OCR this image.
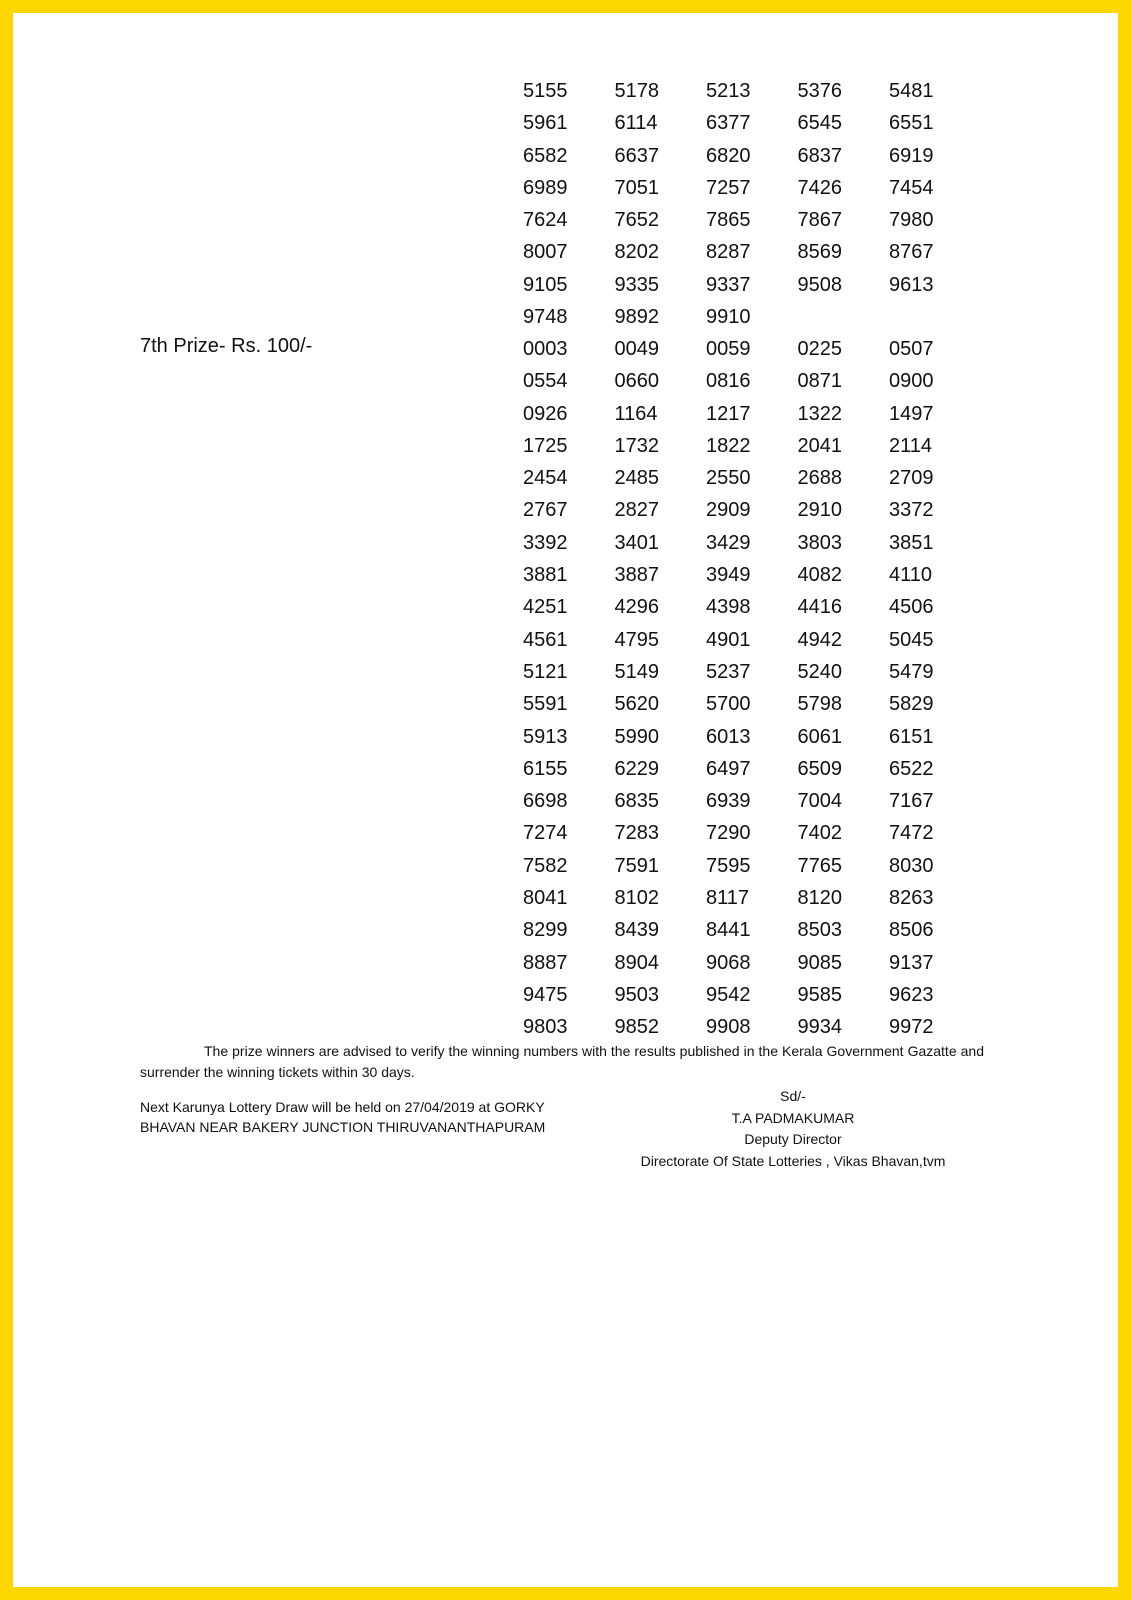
5155	5178	5213	5376	5481
5961	6114	6377	6545	6551
6582	6637	6820	6837	6919
6989	7051	7257	7426	7454
7624	7652	7865	7867	7980
8007	8202	8287	8569	8767
9105	9335	9337	9508	9613
9748	9892	9910
7th Prize- Rs. 100/-	0003	0049	0059	0225	0507
0554	0660	0816	0871	0900
0926	1164	1217	1322	1497
1725	1732	1822	2041	2114
2454	2485	2550	2688	2709
2767	2827	2909	2910	3372
3392	3401	3429	3803	3851
3881	3887	3949	4082	4110
4251	4296	4398	4416	4506
4561	4795	4901	4942	5045
5121	5149	5237	5240	5479
5591	5620	5700	5798	5829
5913	5990	6013	6061	6151
6155	6229	6497	6509	6522
6698	6835	6939	7004	7167
7274	7283	7290	7402	7472
7582	7591	7595	7765	8030
8041	8102	8117	8120	8263
8299	8439	8441	8503	8506
8887	8904	9068	9085	9137
9475	9503	9542	9585	9623
9803	9852	9908	9934	9972
The prize winners are advised to verify the winning numbers with the results published in the Kerala Government Gazatte and surrender the winning tickets within 30 days.
Next Karunya Lottery Draw will be held on 27/04/2019 at GORKY
BHAVAN NEAR BAKERY JUNCTION THIRUVANANTHAPURAM
Sd/-
T.A PADMAKUMAR
Deputy Director
Directorate Of State Lotteries , Vikas Bhavan,tvm
